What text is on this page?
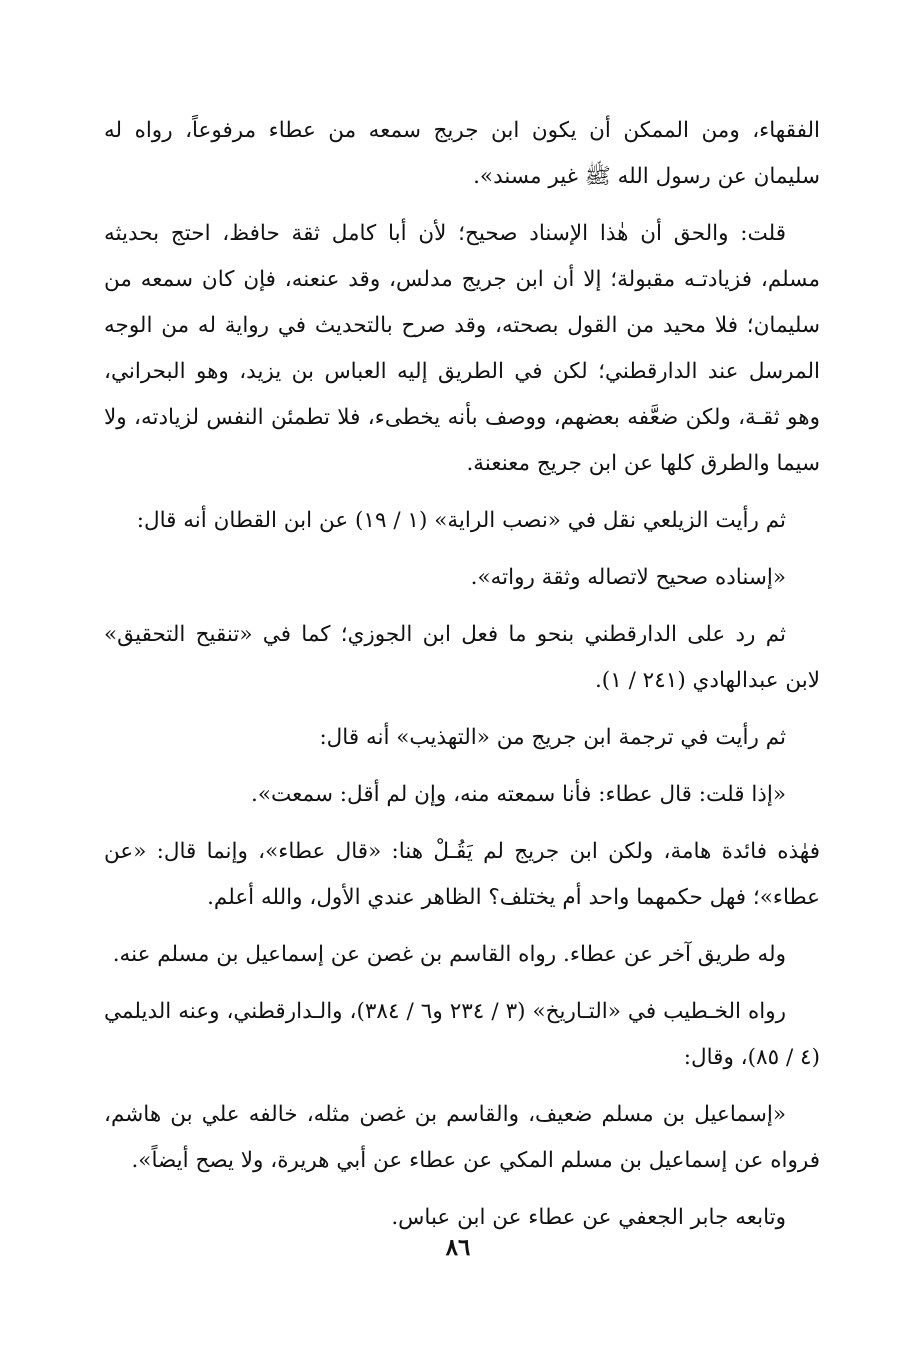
الفقهاء، ومن الممكن أن يكون ابن جريج سمعه من عطاء مرفوعاً، رواه له سليمان عن رسول الله ﷺ غير مسند».

قلت: والحق أن هٰذا الإسناد صحيح؛ لأن أبا كامل ثقة حافظ، احتج بحديثه مسلم، فزيادتـه مقبولة؛ إلا أن ابن جريج مدلس، وقد عنعنه، فإن كان سمعه من سليمان؛ فلا محيد من القول بصحته، وقد صرح بالتحديث في رواية له من الوجه المرسل عند الدارقطني؛ لكن في الطريق إليه العباس بن يزيد، وهو البحراني، وهو ثقـة، ولكن ضعَّفه بعضهم، ووصف بأنه يخطىء، فلا تطمئن النفس لزيادته، ولا سيما والطرق كلها عن ابن جريج معنعنة.

ثم رأيت الزيلعي نقل في «نصب الراية» (١ / ١٩) عن ابن القطان أنه قال:

«إسناده صحيح لاتصاله وثقة رواته».

ثم رد على الدارقطني بنحو ما فعل ابن الجوزي؛ كما في «تنقيح التحقيق» لابن عبدالهادي (٢٤١ / ١).

ثم رأيت في ترجمة ابن جريج من «التهذيب» أنه قال:

«إذا قلت: قال عطاء: فأنا سمعته منه، وإن لم أقل: سمعت».

فهٰذه فائدة هامة، ولكن ابن جريج لم يَقُـلْ هنا: «قال عطاء»، وإنما قال: «عن عطاء»؛ فهل حكمهما واحد أم يختلف؟ الظاهر عندي الأول، والله أعلم.

وله طريق آخر عن عطاء. رواه القاسم بن غصن عن إسماعيل بن مسلم عنه.

رواه الخـطيب في «التـاريخ» (٣ / ٢٣٤ و٦ / ٣٨٤)، والـدارقطني، وعنه الديلمي (٤ / ٨٥)، وقال:

«إسماعيل بن مسلم ضعيف، والقاسم بن غصن مثله، خالفه علي بن هاشم، فرواه عن إسماعيل بن مسلم المكي عن عطاء عن أبي هريرة، ولا يصح أيضاً».

وتابعه جابر الجعفي عن عطاء عن ابن عباس.

٨٦
